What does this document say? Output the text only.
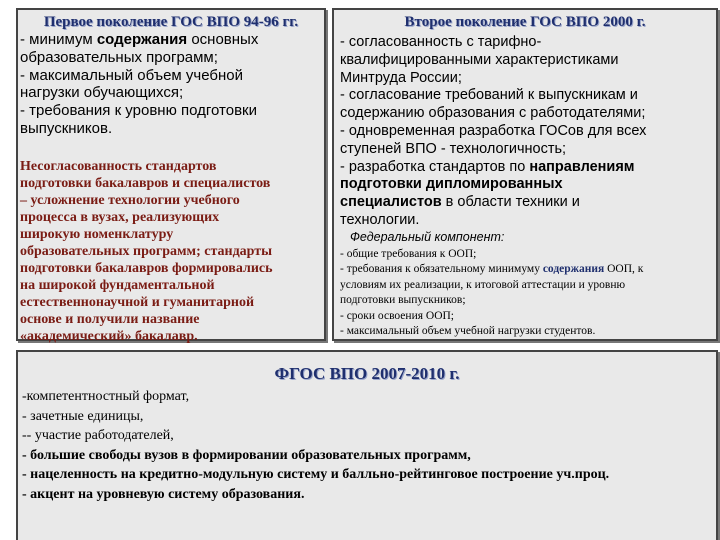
Первое поколение ГОС ВПО 94-96 гг.
- минимум содержания основных
образовательных программ;
- максимальный объем учебной
нагрузки обучающихся;
- требования к уровню подготовки
выпускников.
Несогласованность стандартов
подготовки бакалавров и специалистов
– усложнение технологии учебного
процесса в вузах, реализующих
широкую номенклатуру
образовательных программ; стандарты
подготовки бакалавров формировались
на широкой фундаментальной
естественнонаучной и гуманитарной
основе и получили название
«академический» бакалавр.
Второе поколение ГОС ВПО 2000 г.
- согласованность с тарифно-
квалифицированными характеристиками
Минтруда России;
- согласование требований к выпускникам и
содержанию образования с работодателями;
- одновременная разработка ГОСов для всех
ступеней ВПО - технологичность;
- разработка стандартов по направлениям
подготовки дипломированных
специалистов в области техники и
технологии.
Федеральный компонент:
- общие требования к ООП;
- требования к обязательному минимуму содержания ООП, к
условиям их реализации, к итоговой аттестации и уровню
подготовки выпускников;
- сроки освоения ООП;
- максимальный объем учебной нагрузки студентов.
ФГОС ВПО 2007-2010 г.
-компетентностный формат,
- зачетные единицы,
-- участие работодателей,
- большие свободы вузов в формировании образовательных программ,
- нацеленность на кредитно-модульную систему и балльно-рейтинговое построение уч.проц.
- акцент на уровневую систему образования.
